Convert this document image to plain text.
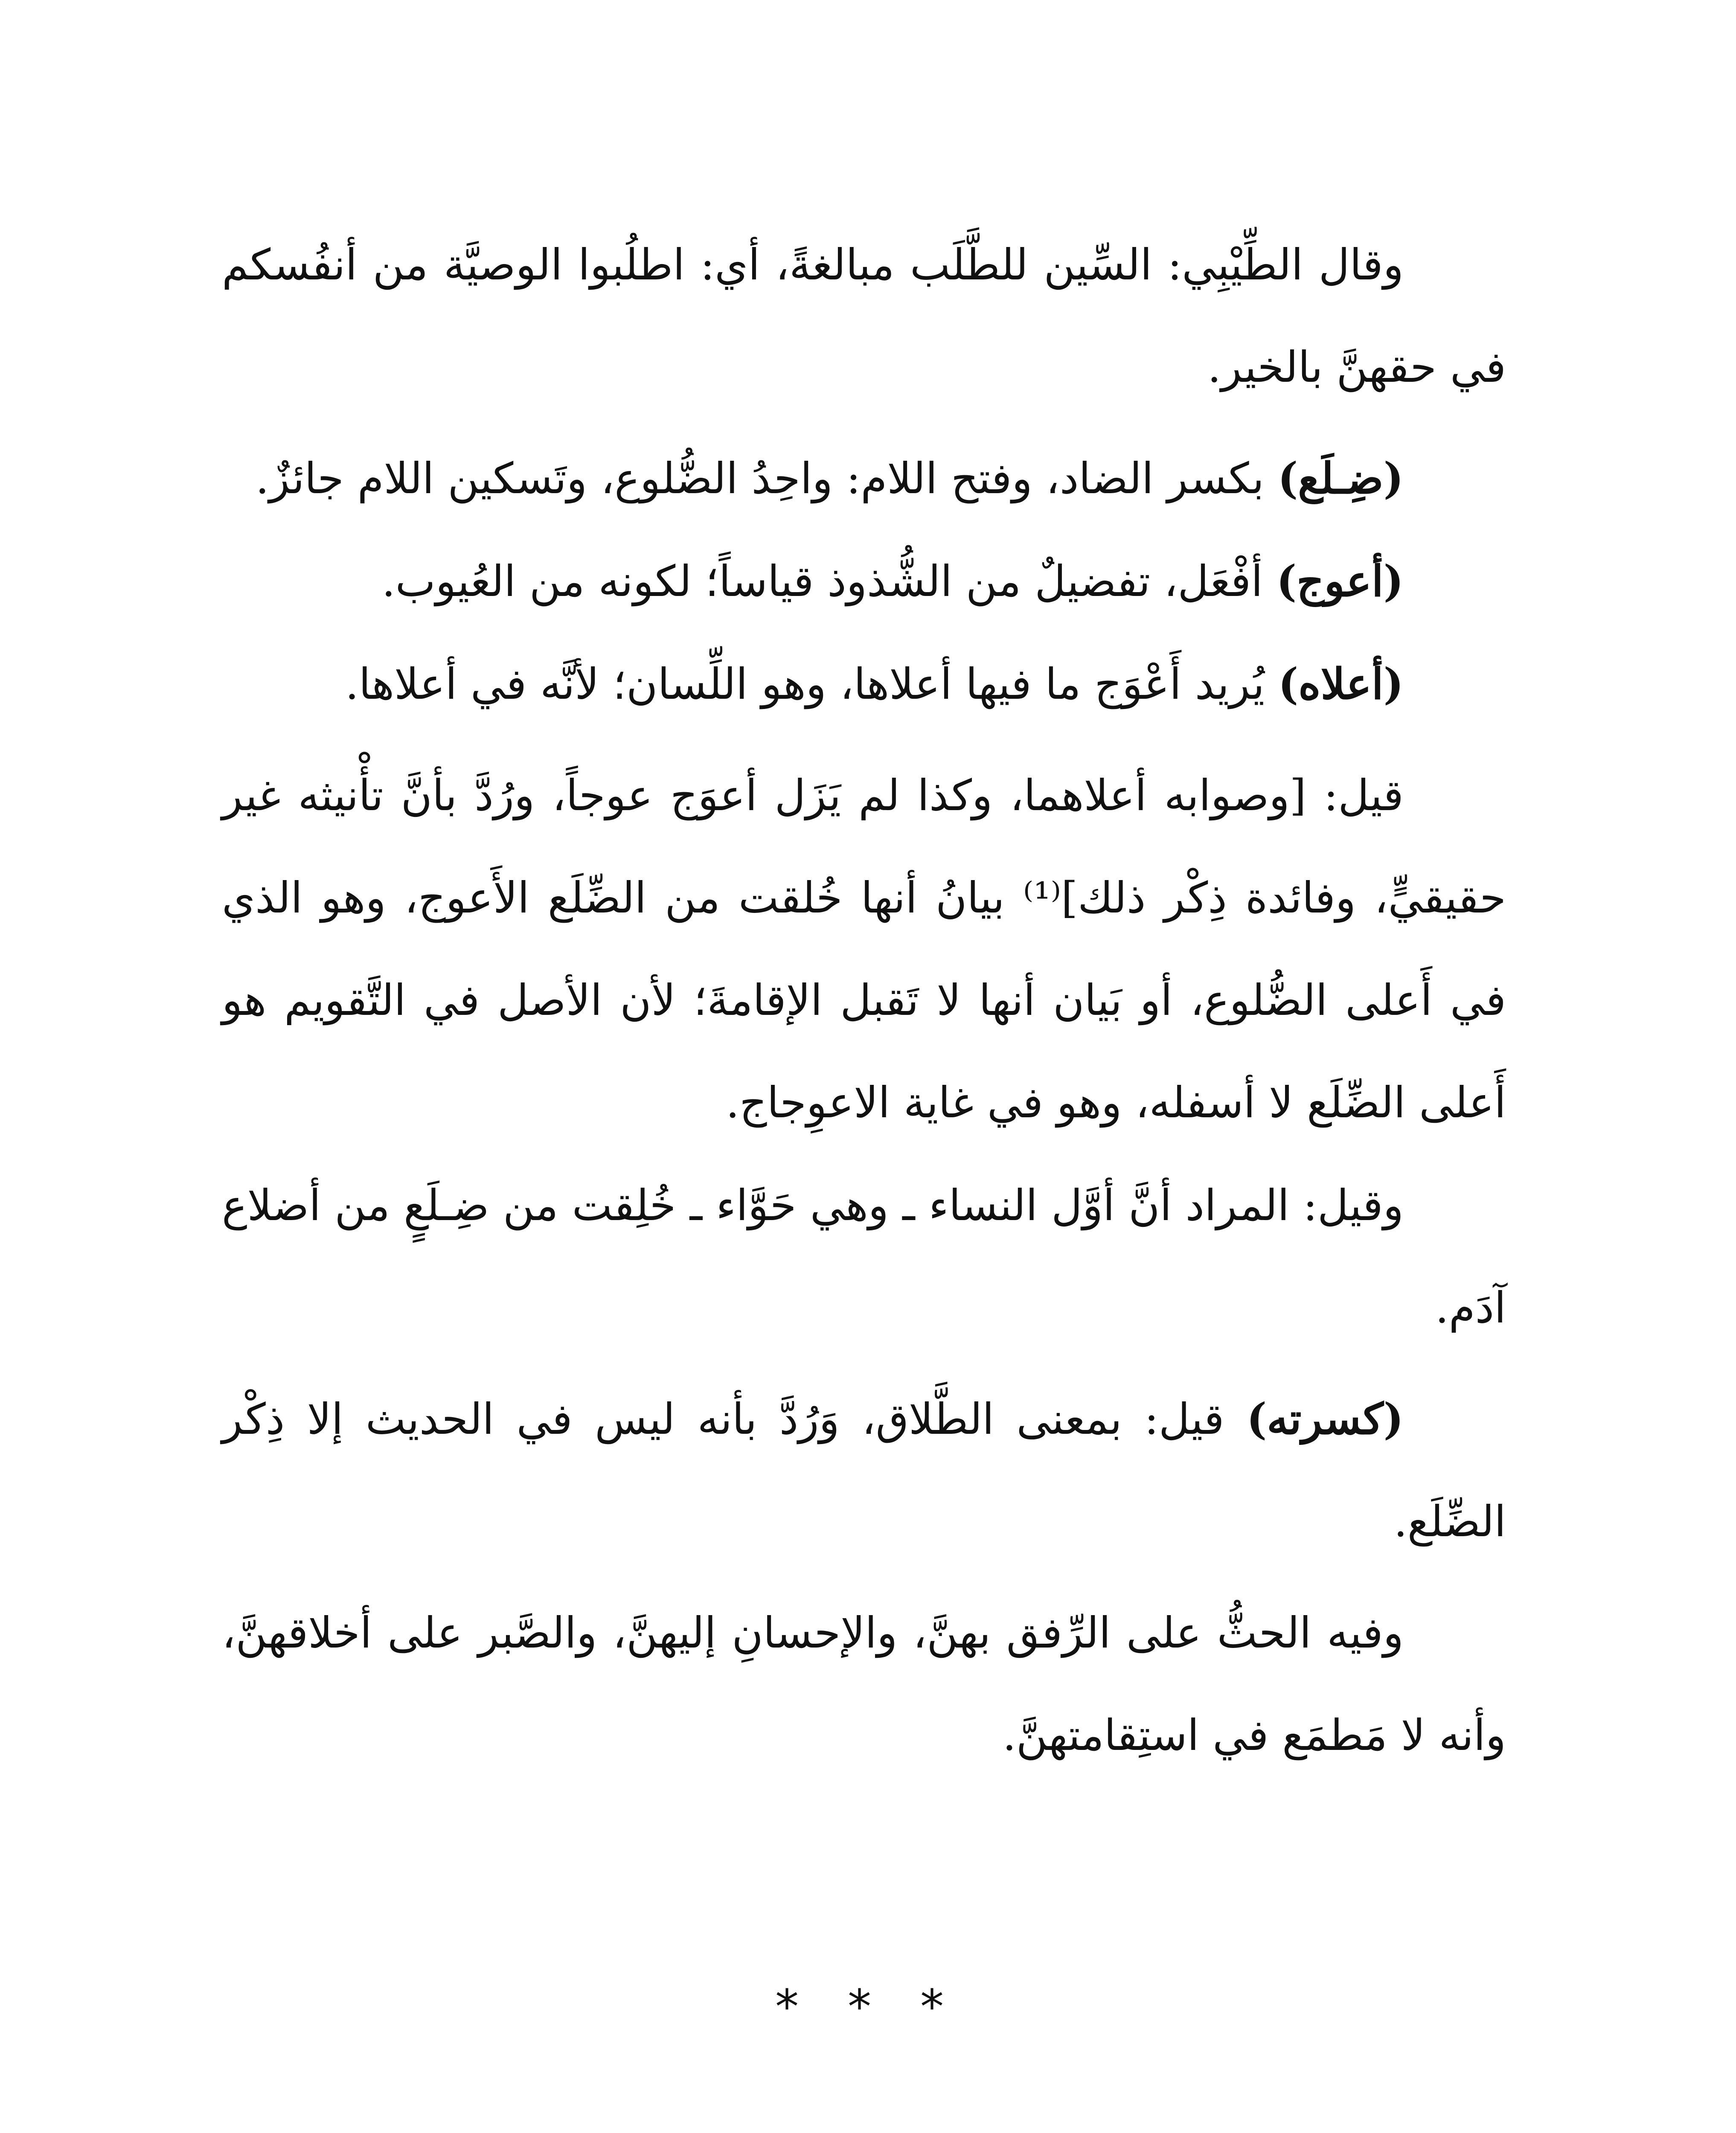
وقال الطِّيْبِي: السِّين للطَّلَب مبالغةً، أي: اطلُبوا الوصيَّة من أنفُسكم في حقهنَّ بالخير.

(ضِـلَع) بكسر الضاد، وفتح اللام: واحِدُ الضُّلوع، وتَسكين اللام جائزٌ.

(أعوج) أفْعَل، تفضيلٌ من الشُّذوذ قياساً؛ لكونه من العُيوب.

(أعلاه) يُريد أَعْوَج ما فيها أعلاها، وهو اللِّسان؛ لأنَّه في أعلاها.

قيل: [وصوابه أعلاهما، وكذا لم يَزَل أعوَج عوجاً، ورُدَّ بأنَّ تأْنيثه غير حقيقيٍّ، وفائدة ذِكْر ذلك]⁽¹⁾ بيانُ أنها خُلقت من الضِّلَع الأَعوج، وهو الذي في أَعلى الضُّلوع، أو بَيان أنها لا تَقبل الإقامةَ؛ لأن الأصل في التَّقويم هو أَعلى الضِّلَع لا أسفله، وهو في غاية الاعوِجاج.

وقيل: المراد أنَّ أوَّل النساء ـ وهي حَوَّاء ـ خُلِقت من ضِـلَعٍ من أضلاع آدَم.

(كسرته) قيل: بمعنى الطَّلاق، وَرُدَّ بأنه ليس في الحديث إلا ذِكْر الضِّلَع.

وفيه الحثُّ على الرِّفق بهنَّ، والإحسانِ إليهنَّ، والصَّبر على أخلاقهنَّ، وأنه لا مَطمَع في استِقامتهنَّ.

* * *
